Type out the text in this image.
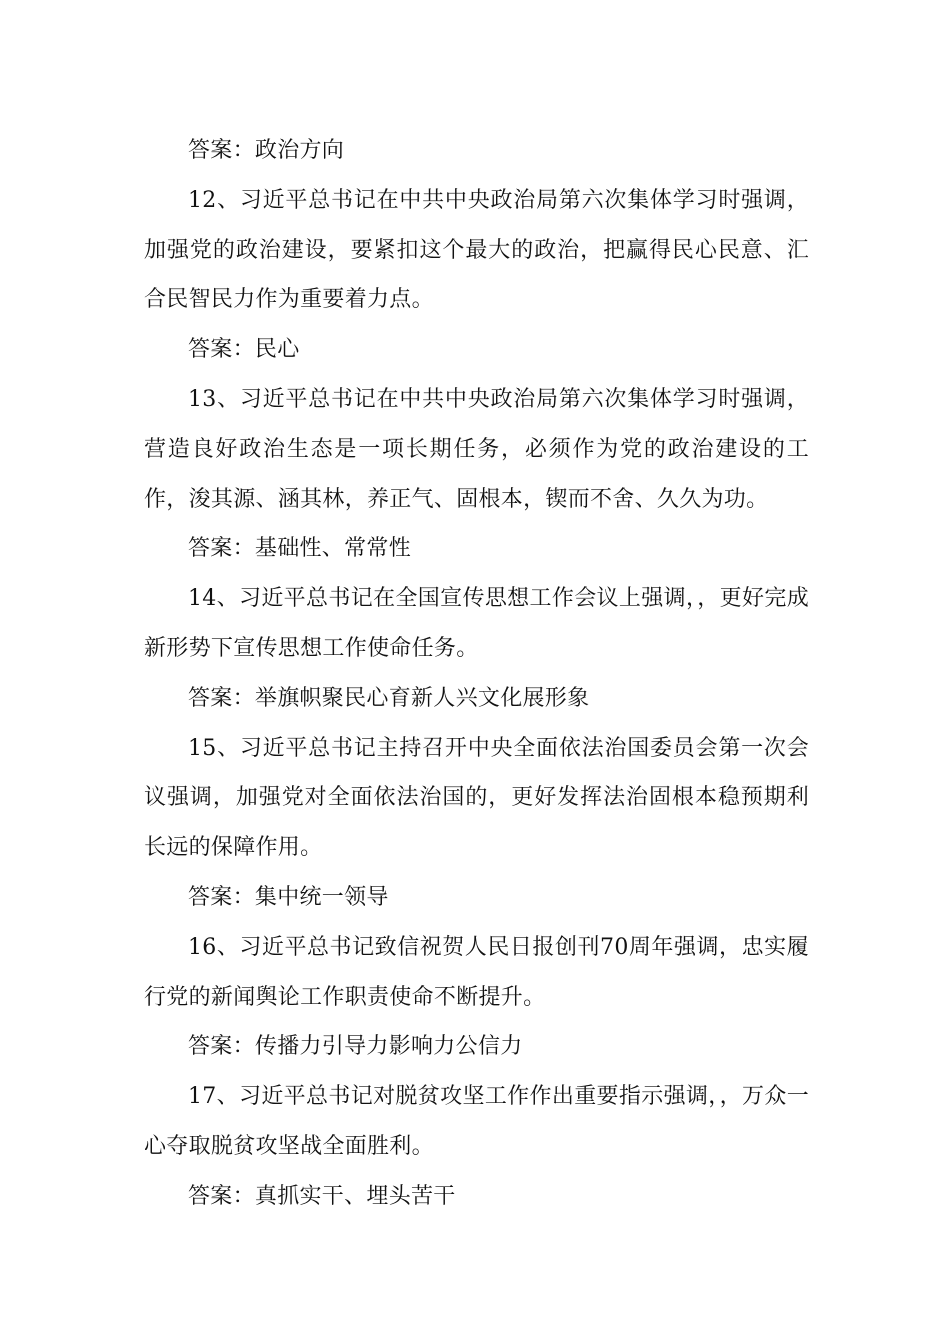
答案：政治方向

12、习近平总书记在中共中央政治局第六次集体学习时强调，加强党的政治建设，要紧扣这个最大的政治，把赢得民心民意、汇合民智民力作为重要着力点。

答案：民心

13、习近平总书记在中共中央政治局第六次集体学习时强调，营造良好政治生态是一项长期任务，必须作为党的政治建设的工作，浚其源、涵其林，养正气、固根本，锲而不舍、久久为功。

答案：基础性、常常性

14、习近平总书记在全国宣传思想工作会议上强调，，更好完成新形势下宣传思想工作使命任务。

答案：举旗帜聚民心育新人兴文化展形象

15、习近平总书记主持召开中央全面依法治国委员会第一次会议强调，加强党对全面依法治国的，更好发挥法治固根本稳预期利长远的保障作用。

答案：集中统一领导

16、习近平总书记致信祝贺人民日报创刊70周年强调，忠实履行党的新闻舆论工作职责使命不断提升。

答案：传播力引导力影响力公信力

17、习近平总书记对脱贫攻坚工作作出重要指示强调，，万众一心夺取脱贫攻坚战全面胜利。

答案：真抓实干、埋头苦干
